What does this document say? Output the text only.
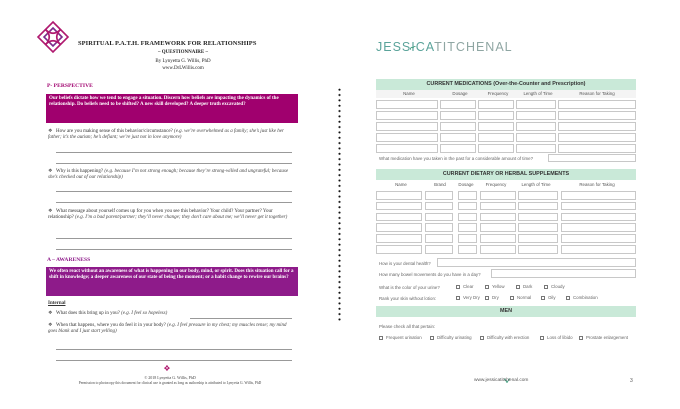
SPIRITUAL P.A.T.H. FRAMEWORK FOR RELATIONSHIPS
– QUESTIONNAIRE –
By Lynyetta G. Willis, PhD
www.DrLWillis.com
P- PERSPECTIVE
Our beliefs dictate how we tend to engage a situation. Discern how beliefs are impacting the dynamics of the relationship. Do beliefs need to be shifted? A new skill developed? A deeper truth excavated?
❖ How are you making sense of this behavior/circumstance? (e.g. we’re overwhelmed as a family; she’s just like her father; it’s the autism; he’s defiant; we’re just not in love anymore)
❖ Why is this happening? (e.g. because I’m not strong enough; because they’re strong-willed and ungrateful; because she’s checked out of our relationship)
❖ What message about yourself comes up for you when you see this behavior? Your child? Your partner? Your relationship? (e.g. I’m a bad parent/partner; they’ll never change; they don’t care about me; we’ll never get it together)
A – AWARENESS
We often react without an awareness of what is happening in our body, mind, or spirit. Does this situation call for a shift in knowledge; a deeper awareness of our state of being the moment; or a habit change to rewire our brains?
Internal
❖ What does this bring up in you? (e.g. I feel so hopeless)
❖ When that happens, where you do feel it in your body? (e.g. I feel pressure in my chest; my muscles tense; my mind goes blank and I just start yelling)
❖
© 2018 Lynyetta G. Willis, PhD
Permission to photocopy this document for clinical use is granted as long as authorship is attributed to Lynyetta G. Willis, PhD
JESSICATITCHENAL
CURRENT MEDICATIONS (Over-the-Counter and Prescription)
Name	Dosage	Frequency	Length of Time	Reason for Taking
What medication have you taken in the past for a considerable amount of time?
CURRENT DIETARY OR HERBAL SUPPLEMENTS
Name	Brand	Dosage	Frequency	Length of Time	Reason for Taking
How is your dental health?
How many bowel movements do you have in a day?
What is the color of your urine?	Clear	Yellow	Dark	Cloudy
Rank your skin without lotion:	Very Dry	Dry	Normal	Oily	Combination
MEN
Please check all that pertain:
Frequent urination	Difficulty urinating	Difficulty with erection	Loss of libido	Prostate enlargement
www.jessicatitchenal.com	3
